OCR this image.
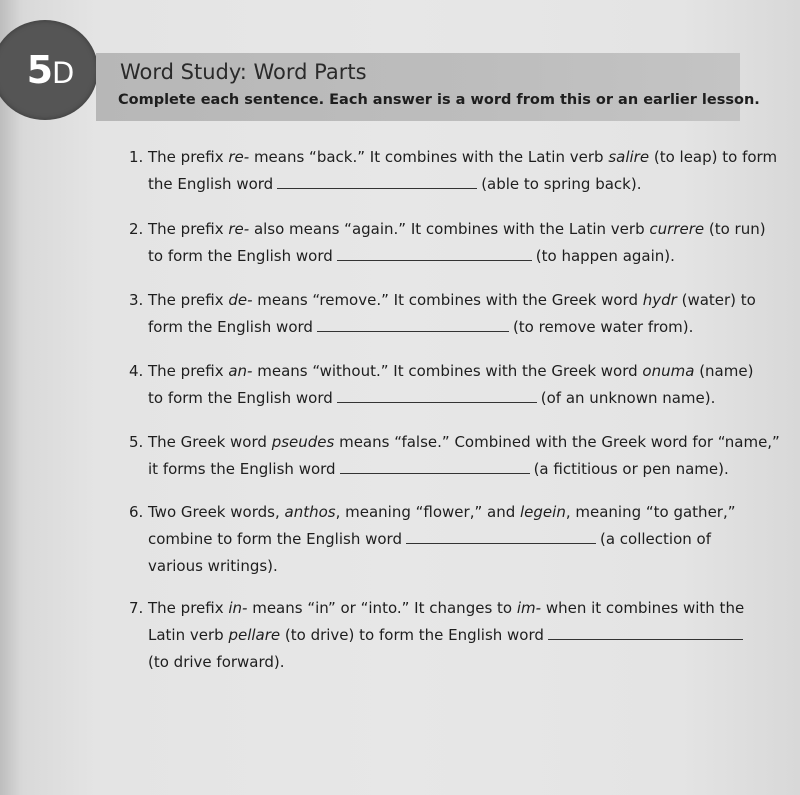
5D Word Study: Word Parts
Complete each sentence. Each answer is a word from this or an earlier lesson.
1. The prefix re- means “back.” It combines with the Latin verb salire (to leap) to form
the English word	(able to spring back).
2. The prefix re- also means “again.” It combines with the Latin verb currere (to run)
to form the English word	(to happen again).
3. The prefix de- means “remove.” It combines with the Greek word hydr (water) to
form the English word	(to remove water from).
4. The prefix an- means “without.” It combines with the Greek word onuma (name)
to form the English word	(of an unknown name).
5. The Greek word pseudes means “false.” Combined with the Greek word for “name,”
it forms the English word	(a fictitious or pen name).
6. Two Greek words, anthos, meaning “flower,” and legein, meaning “to gather,”
combine to form the English word	(a collection of
various writings).
7. The prefix in- means “in” or “into.” It changes to im- when it combines with the
Latin verb pellare (to drive) to form the English word
(to drive forward).
